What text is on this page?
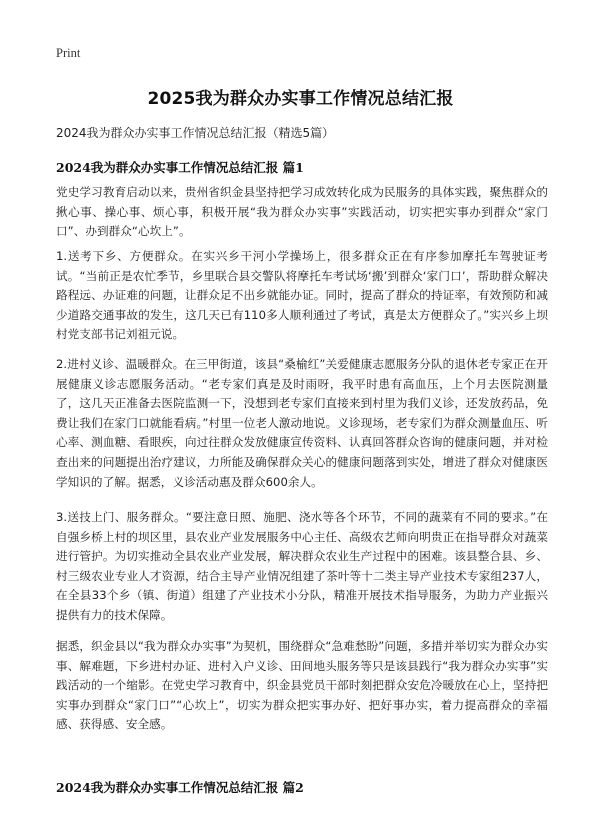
Print
2025我为群众办实事工作情况总结汇报
2024我为群众办实事工作情况总结汇报（精选5篇）
2024我为群众办实事工作情况总结汇报 篇1
党史学习教育启动以来，贵州省织金县坚持把学习成效转化成为民服务的具体实践，聚焦群众的揪心事、操心事、烦心事，积极开展“我为群众办实事”实践活动，切实把实事办到群众“家门口”、办到群众“心坎上”。
1.送考下乡、方便群众。在实兴乡干河小学操场上，很多群众正在有序参加摩托车驾驶证考试。“当前正是农忙季节，乡里联合县交警队将摩托车考试场‘搬’到群众‘家门口’，帮助群众解决路程远、办证难的问题，让群众足不出乡就能办证。同时，提高了群众的持证率，有效预防和减少道路交通事故的发生，这几天已有110多人顺利通过了考试，真是太方便群众了。”实兴乡上坝村党支部书记刘祖元说。
2.进村义诊、温暖群众。在三甲街道，该县“桑榆红”关爱健康志愿服务分队的退休老专家正在开展健康义诊志愿服务活动。“老专家们真是及时雨呀，我平时患有高血压，上个月去医院测量了，这几天正准备去医院监测一下，没想到老专家们直接来到村里为我们义诊，还发放药品，免费让我们在家门口就能看病。”村里一位老人激动地说。义诊现场，老专家们为群众测量血压、听心率、测血糖、看眼疾，向过往群众发放健康宣传资料、认真回答群众咨询的健康问题，并对检查出来的问题提出治疗建议，力所能及确保群众关心的健康问题落到实处，增进了群众对健康医学知识的了解。据悉，义诊活动惠及群众600余人。
3.送技上门、服务群众。“要注意日照、施肥、浇水等各个环节，不同的蔬菜有不同的要求。”在自强乡桥上村的坝区里，县农业产业发展服务中心主任、高级农艺师向明贵正在指导群众对蔬菜进行管护。为切实推动全县农业产业发展，解决群众农业生产过程中的困难。该县整合县、乡、村三级农业专业人才资源，结合主导产业情况组建了茶叶等十二类主导产业技术专家组237人，在全县33个乡（镇、街道）组建了产业技术小分队，精准开展技术指导服务，为助力产业振兴提供有力的技术保障。
据悉，织金县以“我为群众办实事”为契机，围绕群众“急难愁盼”问题，多措并举切实为群众办实事、解难题，下乡进村办证、进村入户义诊、田间地头服务等只是该县践行“我为群众办实事”实践活动的一个缩影。在党史学习教育中，织金县党员干部时刻把群众安危冷暖放在心上，坚持把实事办到群众“家门口”“心坎上”，切实为群众把实事办好、把好事办实，着力提高群众的幸福感、获得感、安全感。
2024我为群众办实事工作情况总结汇报 篇2
